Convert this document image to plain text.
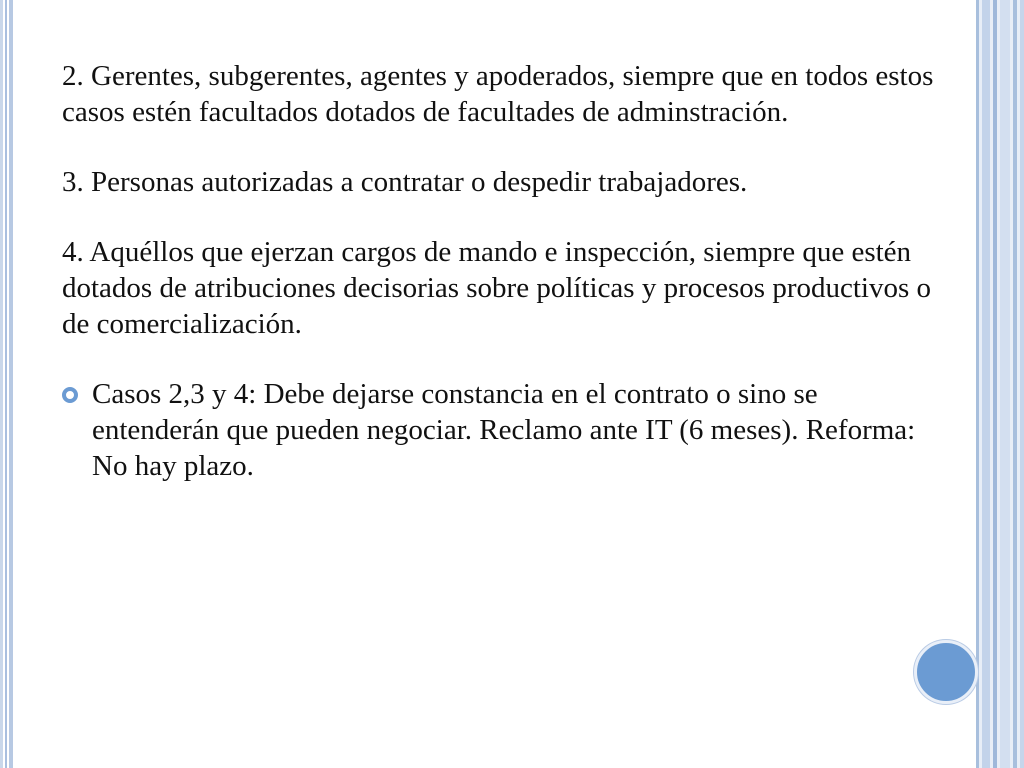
2. Gerentes, subgerentes, agentes y apoderados, siempre que en todos estos casos estén facultados dotados de facultades de adminstración.

3. Personas autorizadas a contratar o despedir trabajadores.

4. Aquéllos que ejerzan cargos de mando e inspección, siempre que estén dotados de atribuciones decisorias sobre políticas y procesos productivos o de comercialización.

Casos 2,3 y 4: Debe dejarse constancia en el contrato o sino se entenderán que pueden negociar. Reclamo ante IT (6 meses). Reforma: No hay plazo.
